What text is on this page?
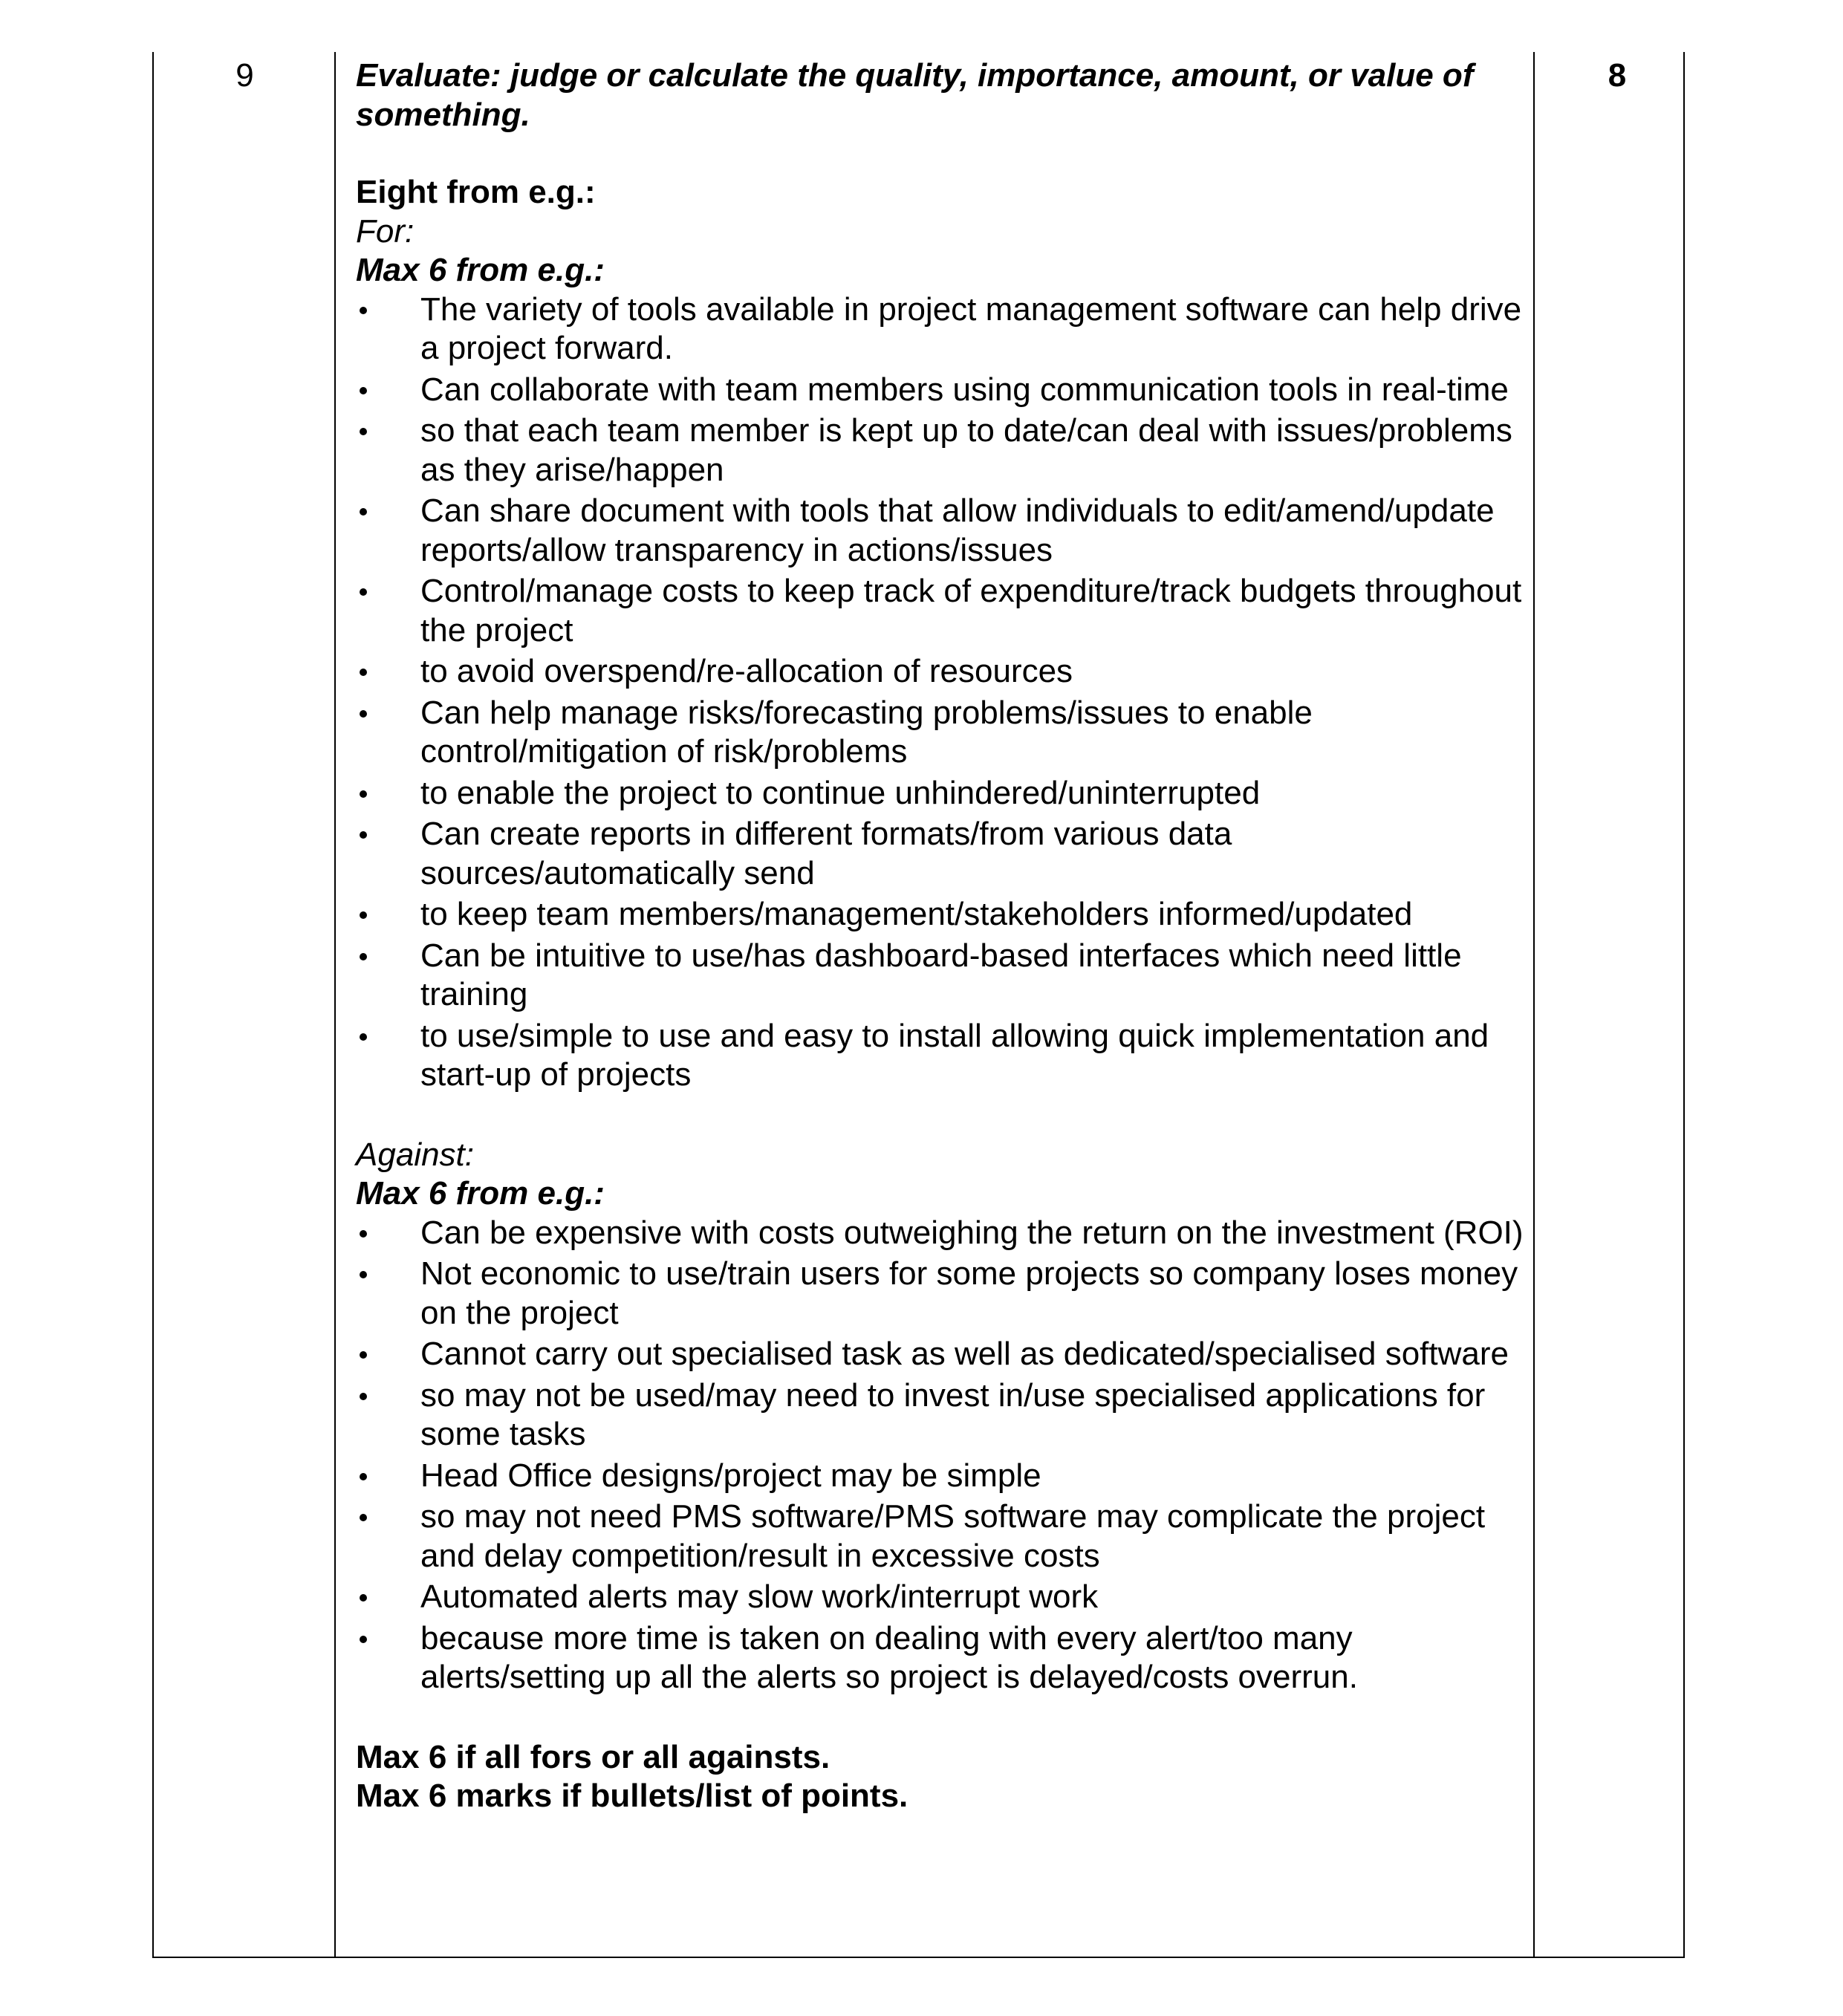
9	Evaluate: judge or calculate the quality, importance, amount, or value of something.
Eight from e.g.:
For:
Max 6 from e.g.:
The variety of tools available in project management software can help drive a project forward.
Can collaborate with team members using communication tools in real-time
so that each team member is kept up to date/can deal with issues/problems as they arise/happen
Can share document with tools that allow individuals to edit/amend/update reports/allow transparency in actions/issues
Control/manage costs to keep track of expenditure/track budgets throughout the project
to avoid overspend/re-allocation of resources
Can help manage risks/forecasting problems/issues to enable control/mitigation of risk/problems
to enable the project to continue unhindered/uninterrupted
Can create reports in different formats/from various data sources/automatically send
to keep team members/management/stakeholders informed/updated
Can be intuitive to use/has dashboard-based interfaces which need little training
to use/simple to use and easy to install allowing quick implementation and start-up of projects
Against:
Max 6 from e.g.:
Can be expensive with costs outweighing the return on the investment (ROI)
Not economic to use/train users for some projects so company loses money on the project
Cannot carry out specialised task as well as dedicated/specialised software
so may not be used/may need to invest in/use specialised applications for some tasks
Head Office designs/project may be simple
so may not need PMS software/PMS software may complicate the project and delay competition/result in excessive costs
Automated alerts may slow work/interrupt work
because more time is taken on dealing with every alert/too many alerts/setting up all the alerts so project is delayed/costs overrun.
Max 6 if all fors or all againsts.
Max 6 marks if bullets/list of points.
8
